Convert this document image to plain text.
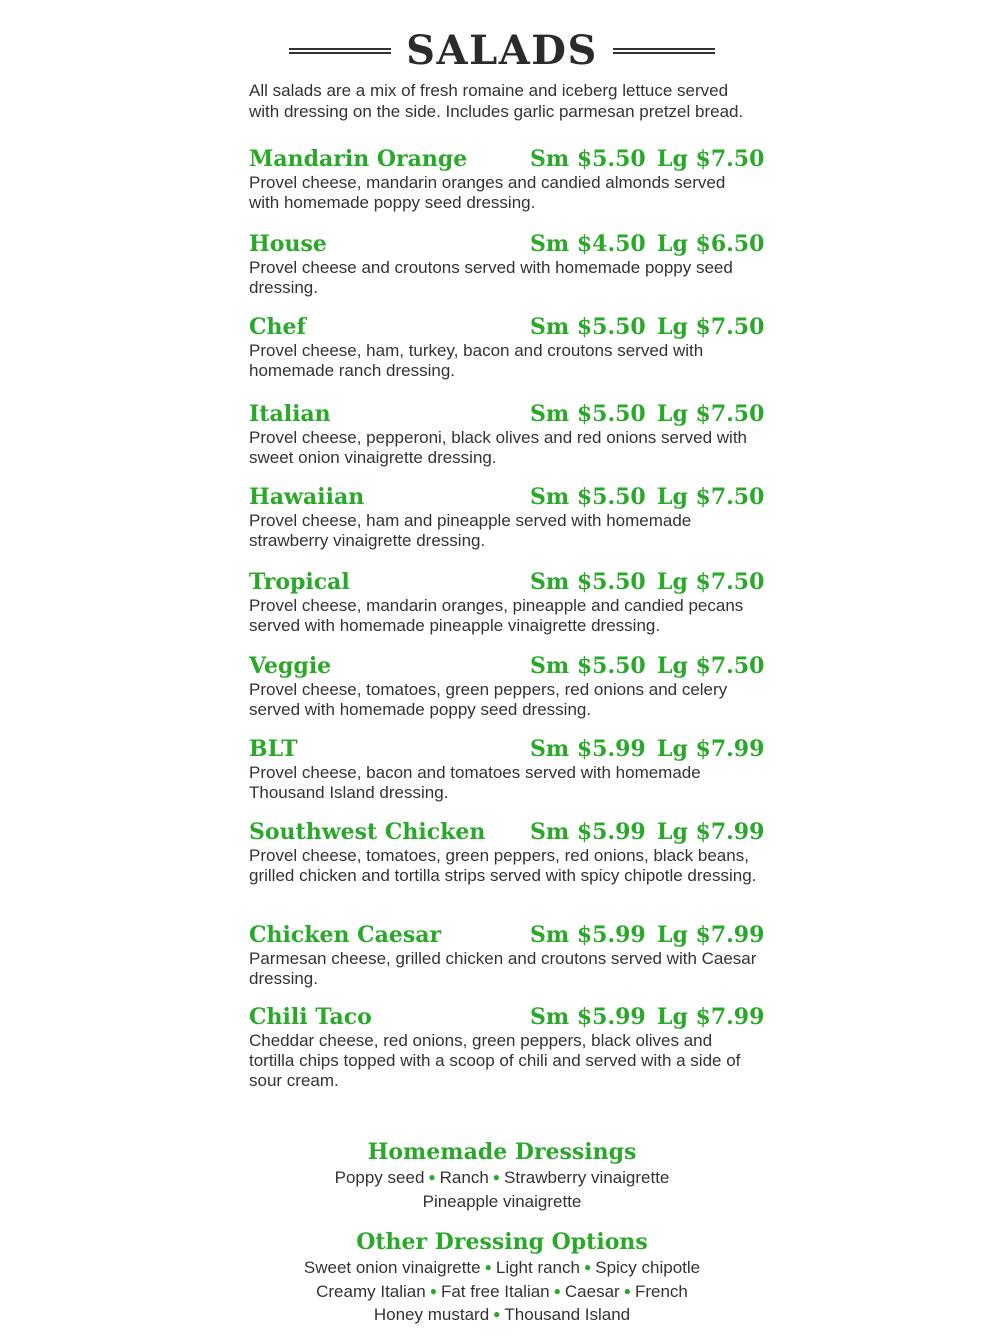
SALADS
All salads are a mix of fresh romaine and iceberg lettuce served with dressing on the side. Includes garlic parmesan pretzel bread.
Mandarin Orange	Sm $5.50 Lg $7.50
Provel cheese, mandarin oranges and candied almonds served with homemade poppy seed dressing.
House	Sm $4.50 Lg $6.50
Provel cheese and croutons served with homemade poppy seed dressing.
Chef	Sm $5.50 Lg $7.50
Provel cheese, ham, turkey, bacon and croutons served with homemade ranch dressing.
Italian	Sm $5.50 Lg $7.50
Provel cheese, pepperoni, black olives and red onions served with sweet onion vinaigrette dressing.
Hawaiian	Sm $5.50 Lg $7.50
Provel cheese, ham and pineapple served with homemade strawberry vinaigrette dressing.
Tropical	Sm $5.50 Lg $7.50
Provel cheese, mandarin oranges, pineapple and candied pecans served with homemade pineapple vinaigrette dressing.
Veggie	Sm $5.50 Lg $7.50
Provel cheese, tomatoes, green peppers, red onions and celery served with homemade poppy seed dressing.
BLT	Sm $5.99 Lg $7.99
Provel cheese, bacon and tomatoes served with homemade Thousand Island dressing.
Southwest Chicken	Sm $5.99 Lg $7.99
Provel cheese, tomatoes, green peppers, red onions, black beans, grilled chicken and tortilla strips served with spicy chipotle dressing.
Chicken Caesar	Sm $5.99 Lg $7.99
Parmesan cheese, grilled chicken and croutons served with Caesar dressing.
Chili Taco	Sm $5.99 Lg $7.99
Cheddar cheese, red onions, green peppers, black olives and tortilla chips topped with a scoop of chili and served with a side of sour cream.
Homemade Dressings
Poppy seed ● Ranch ● Strawberry vinaigrette
Pineapple vinaigrette
Other Dressing Options
Sweet onion vinaigrette ● Light ranch ● Spicy chipotle
Creamy Italian ● Fat free Italian ● Caesar ● French
Honey mustard ● Thousand Island
